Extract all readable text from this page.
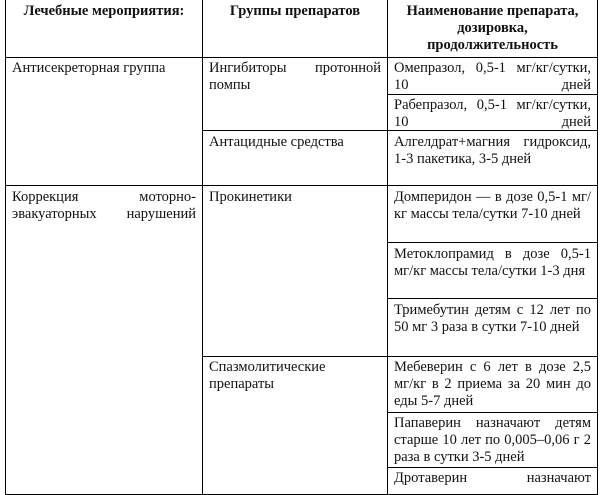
Лечебные мероприятия:	Группы препаратов	Наименование препарата,
дозировка,
продолжительность
Антисекреторная группа
Коррекция моторно-эвакуаторных нарушений
Ингибиторы протонной помпы
Антацидные средства
Прокинетики
Спазмолитические препараты
Омепразол, 0,5-1 мг/кг/сутки, 10 дней
Рабепразол, 0,5-1 мг/кг/сутки, 10 дней
Алгелдрат+магния гидроксид, 1-3 пакетика, 3-5 дней
Домперидон — в дозе 0,5-1 мг/кг массы тела/сутки 7-10 дней
Метоклопрамид в дозе 0,5-1 мг/кг массы тела/сутки 1-3 дня
Тримебутин детям с 12 лет по 50 мг 3 раза в сутки 7-10 дней
Мебеверин с 6 лет в дозе 2,5 мг/кг в 2 приема за 20 мин до еды 5-7 дней
Папаверин назначают детям старше 10 лет по 0,005–0,06 г 2 раза в сутки 3-5 дней
Дротаверин назначают
